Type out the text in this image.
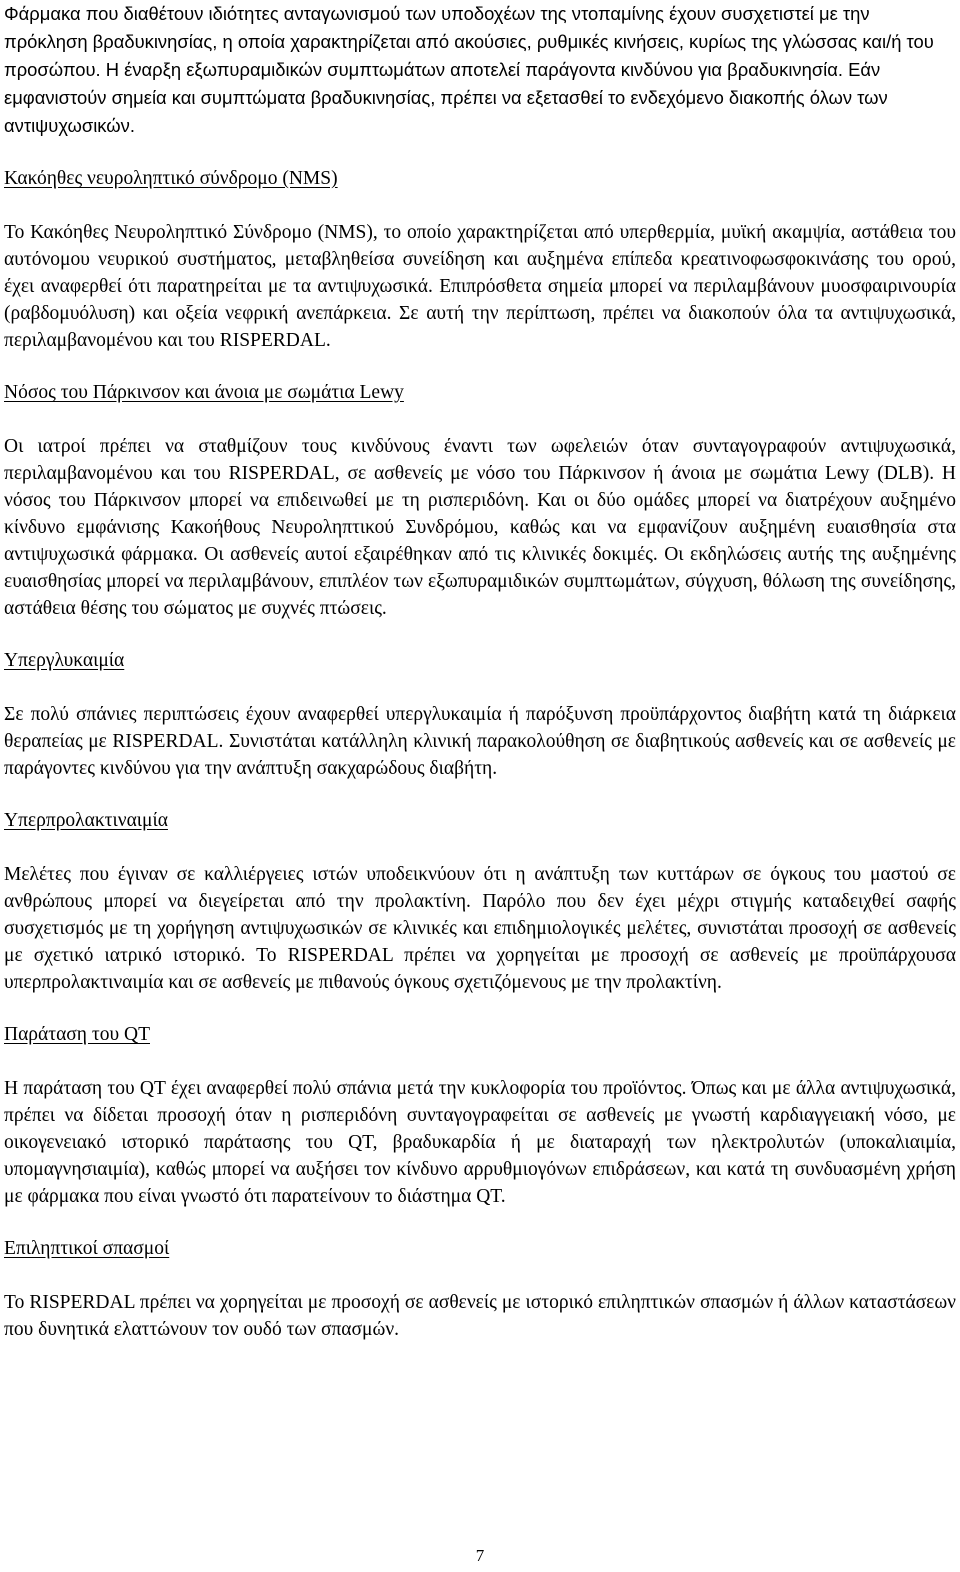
Φάρμακα που διαθέτουν ιδιότητες ανταγωνισμού των υποδοχέων της ντοπαμίνης έχουν συσχετιστεί με την πρόκληση βραδυκινησίας, η οποία χαρακτηρίζεται από ακούσιες, ρυθμικές κινήσεις, κυρίως της γλώσσας και/ή του προσώπου. Η έναρξη εξωπυραμιδικών συμπτωμάτων αποτελεί παράγοντα κινδύνου για βραδυκινησία. Εάν εμφανιστούν σημεία και συμπτώματα βραδυκινησίας, πρέπει να εξετασθεί το ενδεχόμενο διακοπής όλων των αντιψυχωσικών.

Κακόηθες νευροληπτικό σύνδρομο (NMS)

Το Κακόηθες Νευροληπτικό Σύνδρομο (NMS), το οποίο χαρακτηρίζεται από υπερθερμία, μυϊκή ακαμψία, αστάθεια του αυτόνομου νευρικού συστήματος, μεταβληθείσα συνείδηση και αυξημένα επίπεδα κρεατινοφωσφοκινάσης του ορού, έχει αναφερθεί ότι παρατηρείται με τα αντιψυχωσικά. Επιπρόσθετα σημεία μπορεί να περιλαμβάνουν μυοσφαιρινουρία (ραβδομυόλυση) και οξεία νεφρική ανεπάρκεια. Σε αυτή την περίπτωση, πρέπει να διακοπούν όλα τα αντιψυχωσικά, περιλαμβανομένου και του RISPERDAL.

Νόσος του Πάρκινσον και άνοια με σωμάτια Lewy

Οι ιατροί πρέπει να σταθμίζουν τους κινδύνους έναντι των ωφελειών όταν συνταγογραφούν αντιψυχωσικά, περιλαμβανομένου και του RISPERDAL, σε ασθενείς με νόσο του Πάρκινσον ή άνοια με σωμάτια Lewy (DLB). Η νόσος του Πάρκινσον μπορεί να επιδεινωθεί με τη ρισπεριδόνη. Και οι δύο ομάδες μπορεί να διατρέχουν αυξημένο κίνδυνο εμφάνισης Κακοήθους Νευροληπτικού Συνδρόμου, καθώς και να εμφανίζουν αυξημένη ευαισθησία στα αντιψυχωσικά φάρμακα. Οι ασθενείς αυτοί εξαιρέθηκαν από τις κλινικές δοκιμές. Οι εκδηλώσεις αυτής της αυξημένης ευαισθησίας μπορεί να περιλαμβάνουν, επιπλέον των εξωπυραμιδικών συμπτωμάτων, σύγχυση, θόλωση της συνείδησης, αστάθεια θέσης του σώματος με συχνές πτώσεις.

Υπεργλυκαιμία

Σε πολύ σπάνιες περιπτώσεις έχουν αναφερθεί υπεργλυκαιμία ή παρόξυνση προϋπάρχοντος διαβήτη κατά τη διάρκεια θεραπείας με RISPERDAL. Συνιστάται κατάλληλη κλινική παρακολούθηση σε διαβητικούς ασθενείς και σε ασθενείς με παράγοντες κινδύνου για την ανάπτυξη σακχαρώδους διαβήτη.

Υπερπρολακτιναιμία

Μελέτες που έγιναν σε καλλιέργειες ιστών υποδεικνύουν ότι η ανάπτυξη των κυττάρων σε όγκους του μαστού σε ανθρώπους μπορεί να διεγείρεται από την προλακτίνη. Παρόλο που δεν έχει μέχρι στιγμής καταδειχθεί σαφής συσχετισμός με τη χορήγηση αντιψυχωσικών σε κλινικές και επιδημιολογικές μελέτες, συνιστάται προσοχή σε ασθενείς με σχετικό ιατρικό ιστορικό. Το RISPERDAL πρέπει να χορηγείται με προσοχή σε ασθενείς με προϋπάρχουσα υπερπρολακτιναιμία και σε ασθενείς με πιθανούς όγκους σχετιζόμενους με την προλακτίνη.

Παράταση του QT

Η παράταση του QT έχει αναφερθεί πολύ σπάνια μετά την κυκλοφορία του προϊόντος. Όπως και με άλλα αντιψυχωσικά, πρέπει να δίδεται προσοχή όταν η ρισπεριδόνη συνταγογραφείται σε ασθενείς με γνωστή καρδιαγγειακή νόσο, με οικογενειακό ιστορικό παράτασης του QT, βραδυκαρδία ή με διαταραχή των ηλεκτρολυτών (υποκαλιαιμία, υπομαγνησιαιμία), καθώς μπορεί να αυξήσει τον κίνδυνο αρρυθμιογόνων επιδράσεων, και κατά τη συνδυασμένη χρήση με φάρμακα που είναι γνωστό ότι παρατείνουν το διάστημα QT.

Επιληπτικοί σπασμοί

Το RISPERDAL πρέπει να χορηγείται με προσοχή σε ασθενείς με ιστορικό επιληπτικών σπασμών ή άλλων καταστάσεων που δυνητικά ελαττώνουν τον ουδό των σπασμών.

7
